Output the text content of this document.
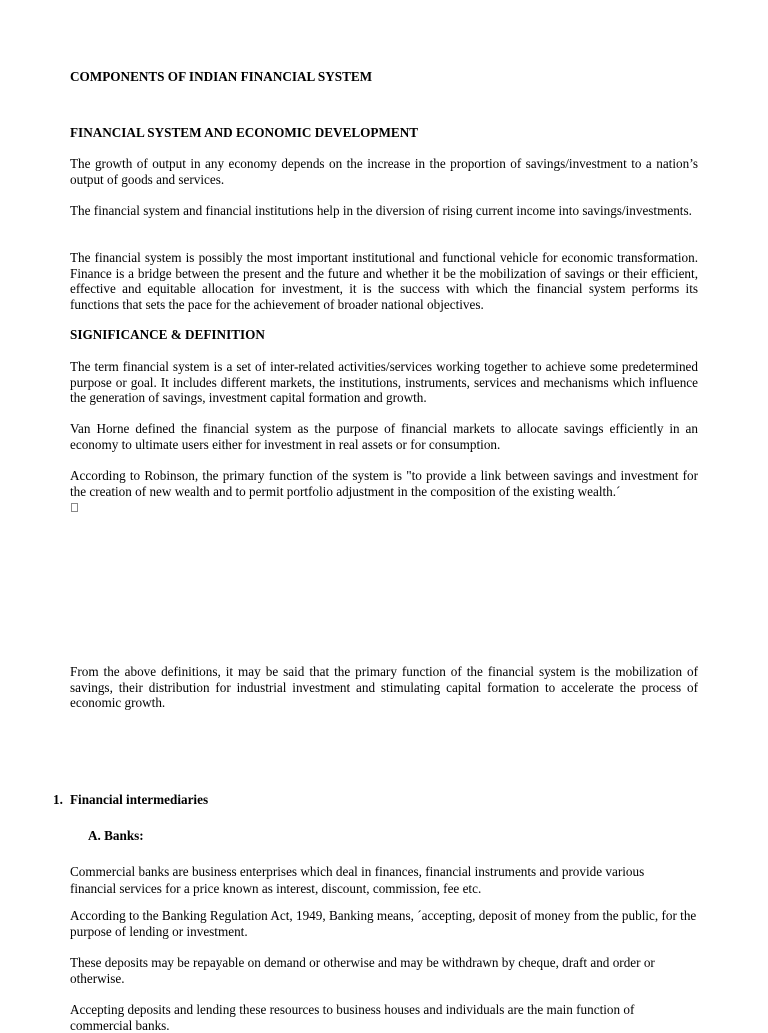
COMPONENTS OF INDIAN FINANCIAL SYSTEM

FINANCIAL SYSTEM AND ECONOMIC DEVELOPMENT

The growth of output in any economy depends on the increase in the proportion of savings/investment to a nation’s output of goods and services.

The financial system and financial institutions help in the diversion of rising current income into savings/investments.

The financial system is possibly the most important institutional and functional vehicle for economic transformation. Finance is a bridge between the present and the future and whether it be the mobilization of savings or their efficient, effective and equitable allocation for investment, it is the success with which the financial system performs its functions that sets the pace for the achievement of broader national objectives.

SIGNIFICANCE & DEFINITION

The term financial system is a set of inter-related activities/services working together to achieve some predetermined purpose or goal. It includes different markets, the institutions, instruments, services and mechanisms which influence the generation of savings, investment capital formation and growth.

Van Horne defined the financial system as the purpose of financial markets to allocate savings efficiently in an economy to ultimate users either for investment in real assets or for consumption.

According to Robinson, the primary function of the system is "to provide a link between savings and investment for the creation of new wealth and to permit portfolio adjustment in the composition of the existing wealth.´

From the above definitions, it may be said that the primary function of the financial system is the mobilization of savings, their distribution for industrial investment and stimulating capital formation to accelerate the process of economic growth.

1. Financial intermediaries

A. Banks:

Commercial banks are business enterprises which deal in finances, financial instruments and provide various financial services for a price known as interest, discount, commission, fee etc.

According to the Banking Regulation Act, 1949, Banking means, ´accepting, deposit of money from the public, for the purpose of lending or investment.

These deposits may be repayable on demand or otherwise and may be withdrawn by cheque, draft and order or otherwise.

Accepting deposits and lending these resources to business houses and individuals are the main function of commercial banks.
